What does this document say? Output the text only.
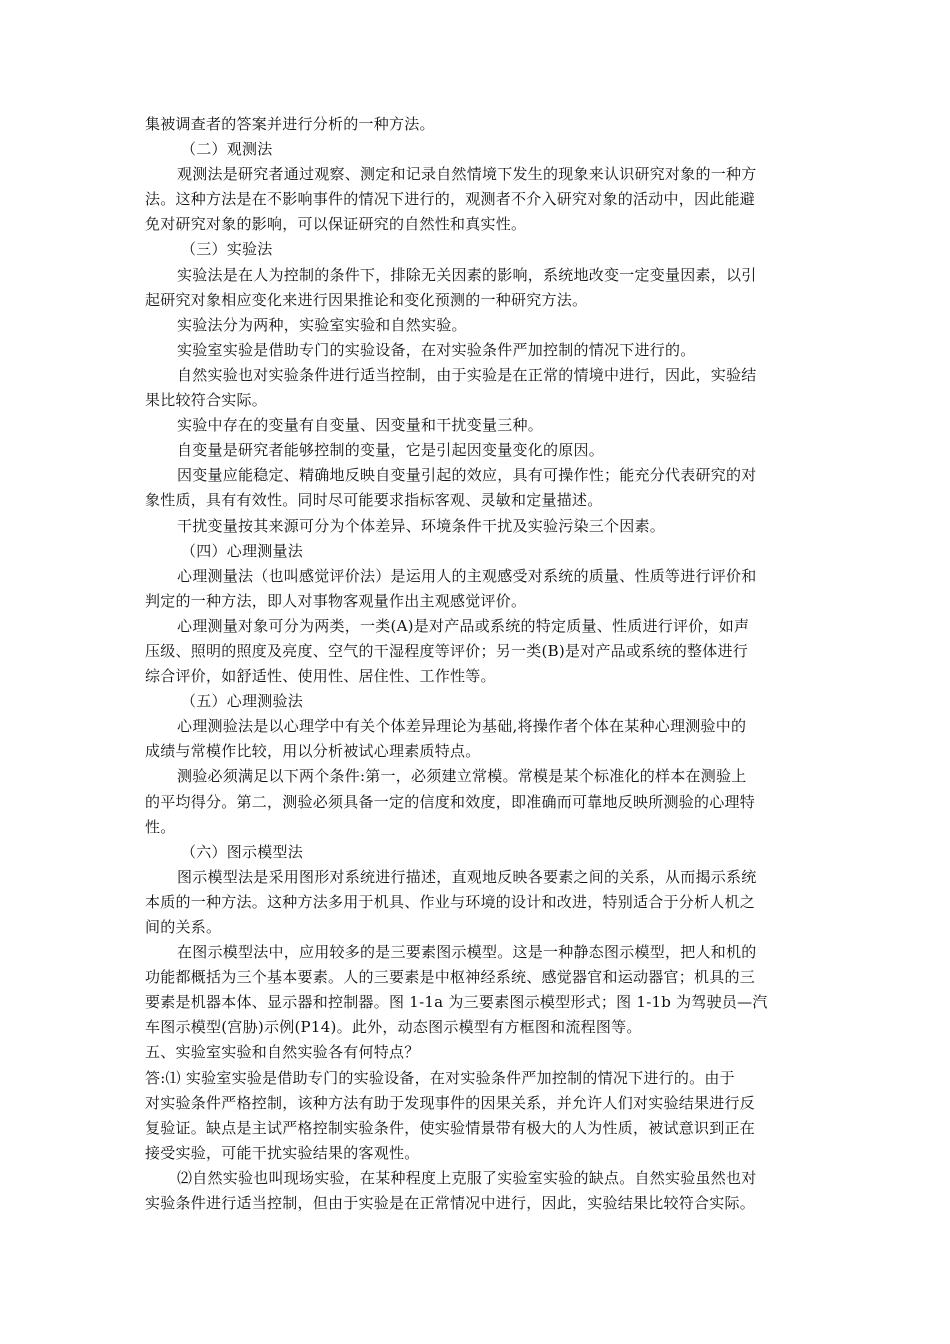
集被调查者的答案并进行分析的一种方法。
（二）观测法
观测法是研究者通过观察、测定和记录自然情境下发生的现象来认识研究对象的一种方
法。这种方法是在不影响事件的情况下进行的，观测者不介入研究对象的活动中，因此能避
免对研究对象的影响，可以保证研究的自然性和真实性。
（三）实验法
实验法是在人为控制的条件下，排除无关因素的影响，系统地改变一定变量因素，以引
起研究对象相应变化来进行因果推论和变化预测的一种研究方法。
实验法分为两种，实验室实验和自然实验。
实验室实验是借助专门的实验设备，在对实验条件严加控制的情况下进行的。
自然实验也对实验条件进行适当控制，由于实验是在正常的情境中进行，因此，实验结
果比较符合实际。
实验中存在的变量有自变量、因变量和干扰变量三种。
自变量是研究者能够控制的变量，它是引起因变量变化的原因。
因变量应能稳定、精确地反映自变量引起的效应，具有可操作性；能充分代表研究的对
象性质，具有有效性。同时尽可能要求指标客观、灵敏和定量描述。
干扰变量按其来源可分为个体差异、环境条件干扰及实验污染三个因素。
（四）心理测量法
心理测量法（也叫感觉评价法）是运用人的主观感受对系统的质量、性质等进行评价和
判定的一种方法，即人对事物客观量作出主观感觉评价。
心理测量对象可分为两类，一类(A)是对产品或系统的特定质量、性质进行评价，如声
压级、照明的照度及亮度、空气的干湿程度等评价；另一类(B)是对产品或系统的整体进行
综合评价，如舒适性、使用性、居住性、工作性等。
（五）心理测验法
心理测验法是以心理学中有关个体差异理论为基础,将操作者个体在某种心理测验中的
成绩与常模作比较，用以分析被试心理素质特点。
测验必须满足以下两个条件:第一，必须建立常模。常模是某个标准化的样本在测验上
的平均得分。第二，测验必须具备一定的信度和效度，即准确而可靠地反映所测验的心理特
性。
（六）图示模型法
图示模型法是采用图形对系统进行描述，直观地反映各要素之间的关系，从而揭示系统
本质的一种方法。这种方法多用于机具、作业与环境的设计和改进，特别适合于分析人机之
间的关系。
在图示模型法中，应用较多的是三要素图示模型。这是一种静态图示模型，把人和机的
功能都概括为三个基本要素。人的三要素是中枢神经系统、感觉器官和运动器官；机具的三
要素是机器本体、显示器和控制器。图 1-1a 为三要素图示模型形式；图 1-1b 为驾驶员—汽
车图示模型(宫胁)示例(P14)。此外，动态图示模型有方框图和流程图等。
五、实验室实验和自然实验各有何特点？
答:⑴ 实验室实验是借助专门的实验设备，在对实验条件严加控制的情况下进行的。由于
对实验条件严格控制，该种方法有助于发现事件的因果关系，并允许人们对实验结果进行反
复验证。缺点是主试严格控制实验条件，使实验情景带有极大的人为性质，被试意识到正在
接受实验，可能干扰实验结果的客观性。
⑵自然实验也叫现场实验，在某种程度上克服了实验室实验的缺点。自然实验虽然也对
实验条件进行适当控制，但由于实验是在正常情况中进行，因此，实验结果比较符合实际。
